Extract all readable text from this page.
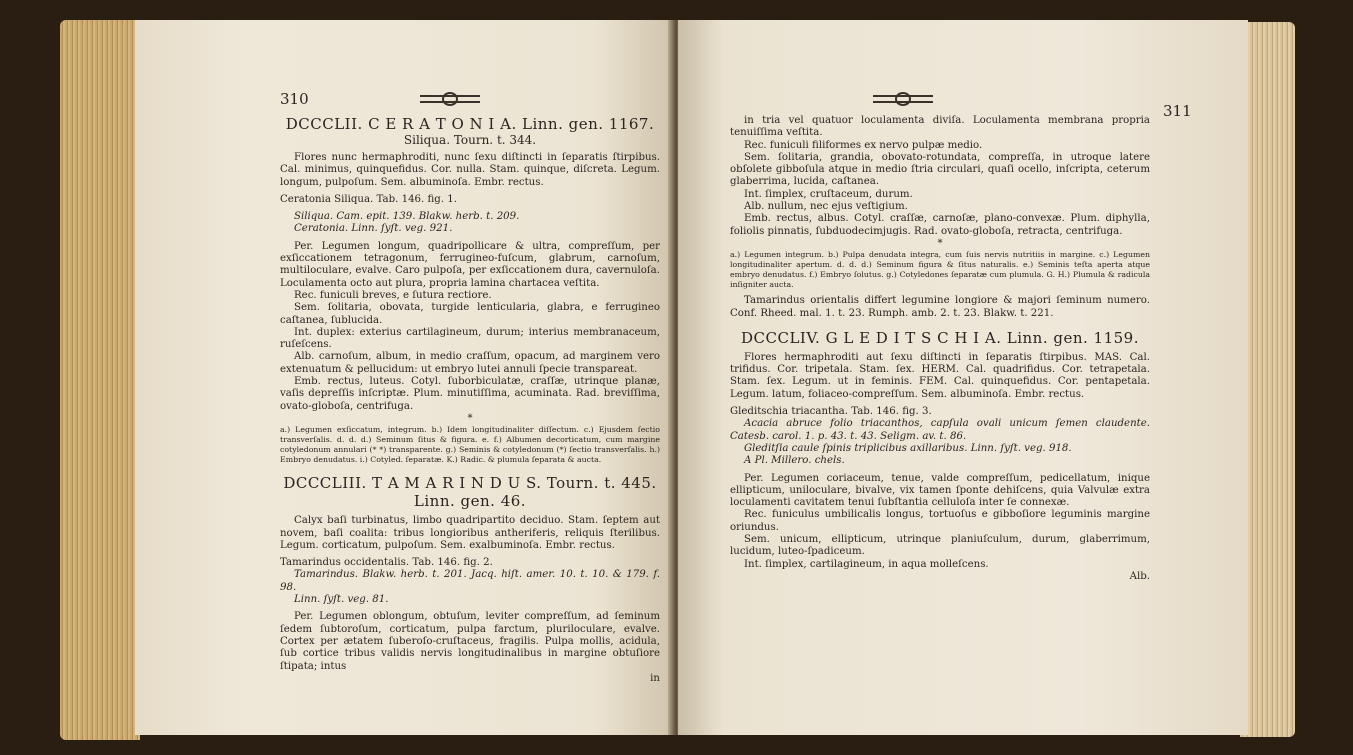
310

DCCCLII. C E R A T O N I A. Linn. gen. 1167.

Siliqua. Tourn. t. 344.

Flores nunc hermaphroditi, nunc ſexu diſtincti in ſeparatis ſtirpibus. Cal. minimus, quinquefidus. Cor. nulla. Stam. quinque, diſcreta. Legum. longum, pulpoſum. Sem. albuminoſa. Embr. rectus.

Ceratonia Siliqua. Tab. 146. fig. 1.

Siliqua. Cam. epit. 139. Blakw. herb. t. 209.

Ceratonia. Linn. ſyſt. veg. 921.

Per. Legumen longum, quadripollicare & ultra, compreſſum, per exſiccationem tetragonum, ferrugineo-fuſcum, glabrum, carnoſum, multiloculare, evalve. Caro pulpoſa, per exſiccationem dura, cavernuloſa. Loculamenta octo aut plura, propria lamina chartacea veſtita.

Rec. funiculi breves, e ſutura rectiore.

Sem. ſolitaria, obovata, turgide lenticularia, glabra, e ferrugineo caſtanea, ſublucida.

Int. duplex: exterius cartilagineum, durum; interius membranaceum, ruſeſcens.

Alb. carnoſum, album, in medio craſſum, opacum, ad marginem vero extenuatum & pellucidum: ut embryo lutei annuli ſpecie transpareat.

Emb. rectus, luteus. Cotyl. ſuborbiculatæ, craſſæ, utrinque planæ, vaſis depreſſis inſcriptæ. Plum. minutiſſima, acuminata. Rad. breviſſima, ovato-globoſa, centrifuga.

*

a.) Legumen exſiccatum, integrum. b.) Idem longitudinaliter diſſectum. c.) Ejusdem ſectio transverſalis. d. d. d.) Seminum ſitus & figura. e. f.) Albumen decorticatum, cum margine cotyledonum annulari (* *) transparente. g.) Seminis & cotyledonum (*) ſectio transverſalis. h.) Embryo denudatus. i.) Cotyled. ſeparatæ. K.) Radic. & plumula ſeparata & aucta.

DCCCLIII. T A M A R I N D U S. Tourn. t. 445. Linn. gen. 46.

Calyx baſi turbinatus, limbo quadripartito deciduo. Stam. ſeptem aut novem, baſi coalita: tribus longioribus antheriferis, reliquis ſterilibus. Legum. corticatum, pulpoſum. Sem. exalbuminoſa. Embr. rectus.

Tamarindus occidentalis. Tab. 146. fig. 2.

Tamarindus. Blakw. herb. t. 201. Jacq. hiſt. amer. 10. t. 10. & 179. f. 98.

Linn. ſyſt. veg. 81.

Per. Legumen oblongum, obtuſum, leviter compreſſum, ad ſeminum ſedem ſubtoroſum, corticatum, pulpa farctum, pluriloculare, evalve. Cortex per ætatem ſuberoſo-cruſtaceus, fragilis. Pulpa mollis, acidula, ſub cortice tribus validis nervis longitudinalibus in margine obtuſiore ſtipata; intus

in

311

in tria vel quatuor loculamenta diviſa. Loculamenta membrana propria tenuiſſima veſtita.

Rec. funiculi filiformes ex nervo pulpæ medio.

Sem. ſolitaria, grandia, obovato-rotundata, compreſſa, in utroque latere obſolete gibboſula atque in medio ſtria circulari, quaſi ocello, inſcripta, ceterum glaberrima, lucida, caſtanea.

Int. ſimplex, cruſtaceum, durum.

Alb. nullum, nec ejus veſtigium.

Emb. rectus, albus. Cotyl. craſſæ, carnoſæ, plano-convexæ. Plum. diphylla, foliolis pinnatis, ſubduodecimjugis. Rad. ovato-globoſa, retracta, centrifuga.

*

a.) Legumen integrum. b.) Pulpa denudata integra, cum ſuis nervis nutritiis in margine. c.) Legumen longitudinaliter apertum. d. d. d.) Seminum figura & ſitus naturalis. e.) Seminis teſta aperta atque embryo denudatus. f.) Embryo ſolutus. g.) Cotyledones ſeparatæ cum plumula. G. H.) Plumula & radicula inſigniter aucta.

Tamarindus orientalis differt legumine longiore & majori ſeminum numero. Conf. Rheed. mal. 1. t. 23. Rumph. amb. 2. t. 23. Blakw. t. 221.

DCCCLIV. G L E D I T S C H I A. Linn. gen. 1159.

Flores hermaphroditi aut ſexu diſtincti in ſeparatis ſtirpibus. MAS. Cal. trifidus. Cor. tripetala. Stam. ſex. HERM. Cal. quadrifidus. Cor. tetrapetala. Stam. ſex. Legum. ut in feminis. FEM. Cal. quinquefidus. Cor. pentapetala. Legum. latum, foliaceo-compreſſum. Sem. albuminoſa. Embr. rectus.

Gleditschia triacantha. Tab. 146. fig. 3.

Acacia abruce folio triacanthos, capſula ovali unicum ſemen claudente. Catesb. carol. 1. p. 43. t. 43. Seligm. av. t. 86.

Gleditſia caule ſpinis triplicibus axillaribus. Linn. ſyſt. veg. 918.

A Pl. Millero. chels.

Per. Legumen coriaceum, tenue, valde compreſſum, pedicellatum, inique ellipticum, uniloculare, bivalve, vix tamen ſponte dehiſcens, quia Valvulæ extra loculamenti cavitatem tenui ſubſtantia celluloſa inter ſe connexæ.

Rec. funiculus umbilicalis longus, tortuoſus e gibboſiore leguminis margine oriundus.

Sem. unicum, ellipticum, utrinque planiuſculum, durum, glaberrimum, lucidum, luteo-ſpadiceum.

Int. ſimplex, cartilagineum, in aqua molleſcens.

Alb.
